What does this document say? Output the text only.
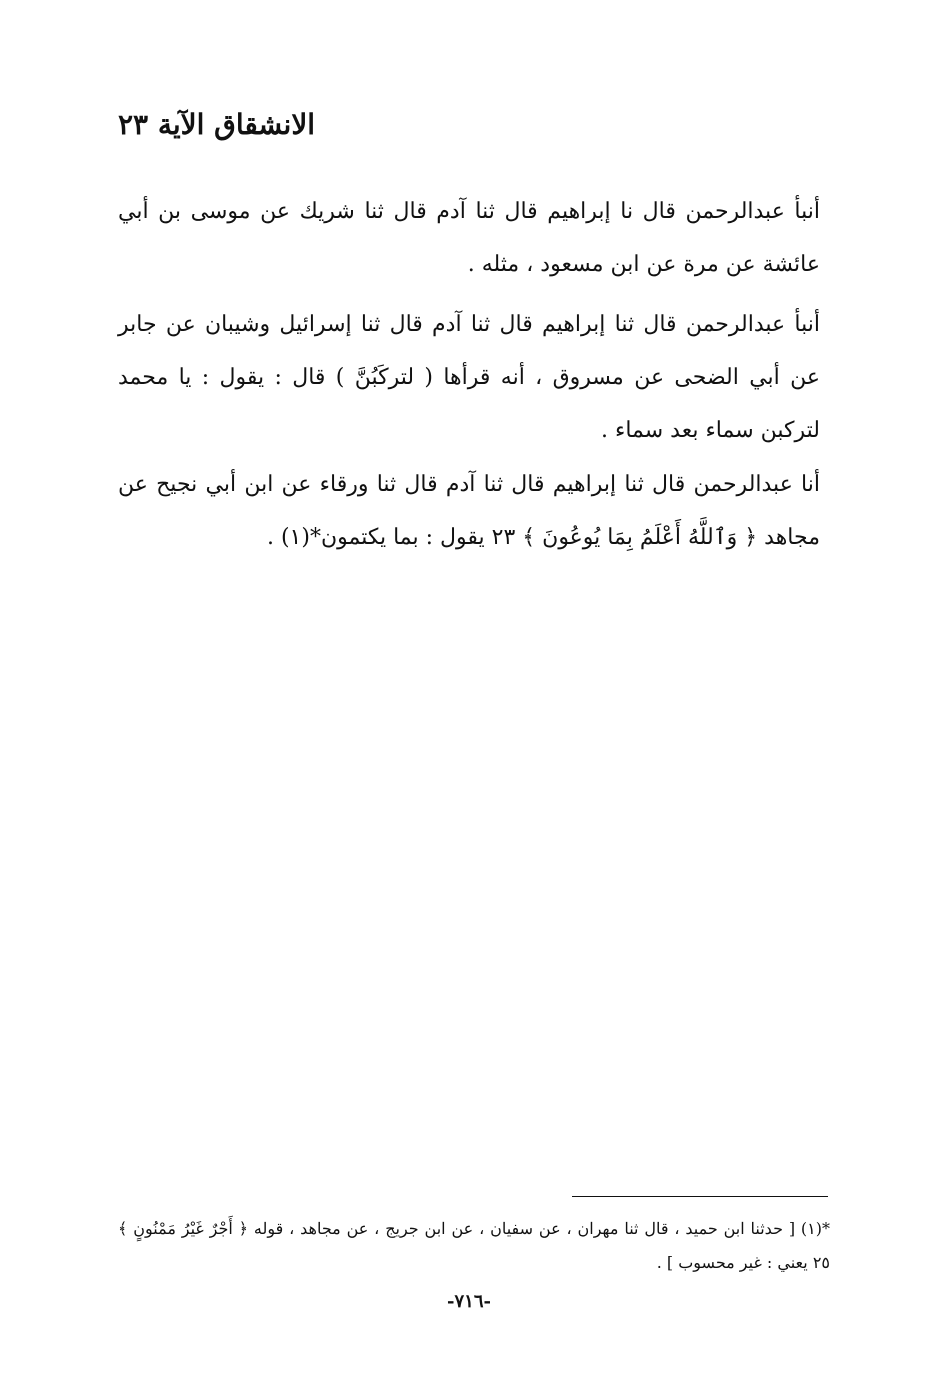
الانشقاق الآية ٢٣
أنبأ عبدالرحمن قال نا إبراهيم قال ثنا آدم قال ثنا شريك عن موسى بن أبي عائشة عن مرة عن ابن مسعود ، مثله .
أنبأ عبدالرحمن قال ثنا إبراهيم قال ثنا آدم قال ثنا إسرائيل وشيبان عن جابر عن أبي الضحى عن مسروق ، أنه قرأها ( لتركَبُنَّ ) قال : يقول : يا محمد لتركبن سماء بعد سماء .
أنا عبدالرحمن قال ثنا إبراهيم قال ثنا آدم قال ثنا ورقاء عن ابن أبي نجيح عن مجاهد ﴿ وَٱللَّهُ أَعْلَمُ بِمَا يُوعُونَ ﴾ ٢٣ يقول : بما يكتمون*(١) .
*(١) [ حدثنا ابن حميد ، قال ثنا مهران ، عن سفيان ، عن ابن جريج ، عن مجاهد ، قوله ﴿ أَجْرٌ غَيْرُ مَمْنُونٍ ﴾ ٢٥ يعني : غير محسوب ] .
-٧١٦-
